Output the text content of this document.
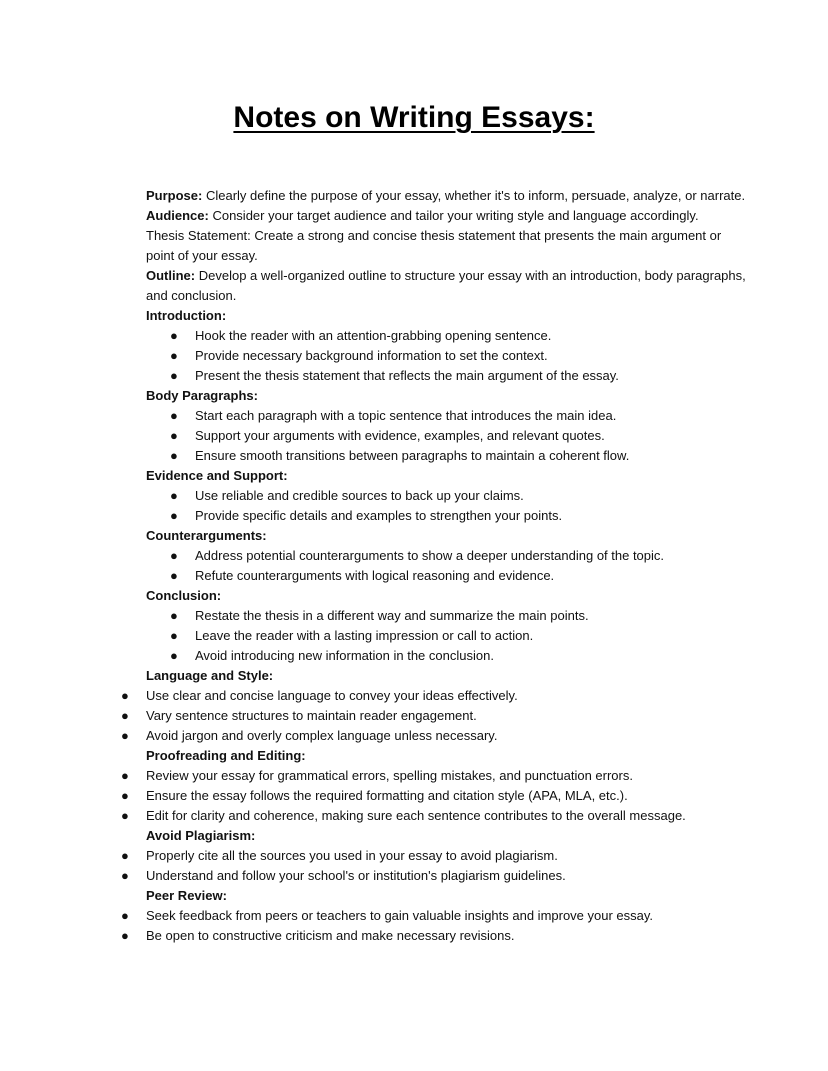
Notes on Writing Essays:

Purpose: Clearly define the purpose of your essay, whether it's to inform, persuade, analyze, or narrate.

Audience: Consider your target audience and tailor your writing style and language accordingly.

Thesis Statement: Create a strong and concise thesis statement that presents the main argument or point of your essay.

Outline: Develop a well-organized outline to structure your essay with an introduction, body paragraphs, and conclusion.

Introduction:

● Hook the reader with an attention-grabbing opening sentence.
● Provide necessary background information to set the context.
● Present the thesis statement that reflects the main argument of the essay.

Body Paragraphs:

● Start each paragraph with a topic sentence that introduces the main idea.
● Support your arguments with evidence, examples, and relevant quotes.
● Ensure smooth transitions between paragraphs to maintain a coherent flow.

Evidence and Support:

● Use reliable and credible sources to back up your claims.
● Provide specific details and examples to strengthen your points.

Counterarguments:

● Address potential counterarguments to show a deeper understanding of the topic.
● Refute counterarguments with logical reasoning and evidence.

Conclusion:

● Restate the thesis in a different way and summarize the main points.
● Leave the reader with a lasting impression or call to action.
● Avoid introducing new information in the conclusion.

Language and Style:

● Use clear and concise language to convey your ideas effectively.
● Vary sentence structures to maintain reader engagement.
● Avoid jargon and overly complex language unless necessary.

Proofreading and Editing:

● Review your essay for grammatical errors, spelling mistakes, and punctuation errors.
● Ensure the essay follows the required formatting and citation style (APA, MLA, etc.).
● Edit for clarity and coherence, making sure each sentence contributes to the overall message.

Avoid Plagiarism:

● Properly cite all the sources you used in your essay to avoid plagiarism.
● Understand and follow your school's or institution's plagiarism guidelines.

Peer Review:

● Seek feedback from peers or teachers to gain valuable insights and improve your essay.
● Be open to constructive criticism and make necessary revisions.
